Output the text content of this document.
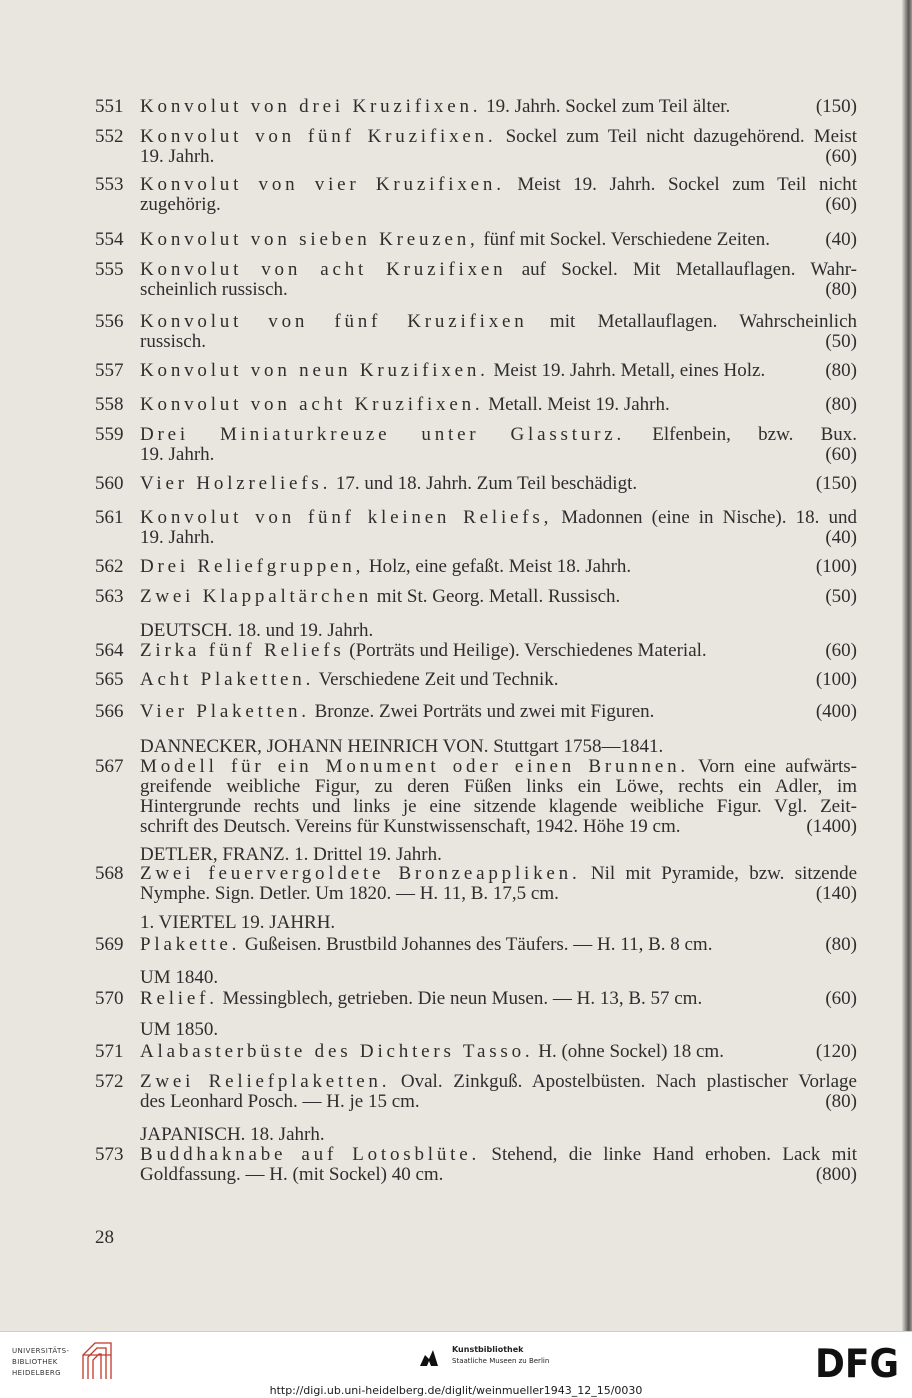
28
551 Konvolut von drei Kruzifixen. 19. Jahrh. Sockel zum Teil älter.	(150)
552 Konvolut von fünf Kruzifixen. Sockel zum Teil nicht dazugehörend. Meist
19. Jahrh.	(60)
553 Konvolut von vier Kruzifixen. Meist 19. Jahrh. Sockel zum Teil nicht
zugehörig.	(60)
554 Konvolut von sieben Kreuzen, fünf mit Sockel. Verschiedene Zeiten.	(40)
555 Konvolut von acht Kruzifixen auf Sockel. Mit Metallauflagen. Wahr-
scheinlich russisch.	(80)
556 Konvolut von fünf Kruzifixen mit Metallauflagen. Wahrscheinlich
russisch.	(50)
557 Konvolut von neun Kruzifixen. Meist 19. Jahrh. Metall, eines Holz.	(80)
558 Konvolut von acht Kruzifixen. Metall. Meist 19. Jahrh.	(80)
559 Drei Miniaturkreuze unter Glassturz. Elfenbein, bzw. Bux.
19. Jahrh.	(60)
560 Vier Holzreliefs. 17. und 18. Jahrh. Zum Teil beschädigt.	(150)
561 Konvolut von fünf kleinen Reliefs, Madonnen (eine in Nische). 18. und
19. Jahrh.	(40)
562 Drei Reliefgruppen, Holz, eine gefaßt. Meist 18. Jahrh.	(100)
563 Zwei Klappaltärchen mit St. Georg. Metall. Russisch.	(50)
DEUTSCH. 18. und 19. Jahrh.
564 Zirka fünf Reliefs (Porträts und Heilige). Verschiedenes Material.	(60)
565 Acht Plaketten. Verschiedene Zeit und Technik.	(100)
566 Vier Plaketten. Bronze. Zwei Porträts und zwei mit Figuren.	(400)
DANNECKER, JOHANN HEINRICH VON. Stuttgart 1758—1841.
567 Modell für ein Monument oder einen Brunnen. Vorn eine aufwärts-
greifende weibliche Figur, zu deren Füßen links ein Löwe, rechts ein Adler, im
Hintergrunde rechts und links je eine sitzende klagende weibliche Figur. Vgl. Zeit-
schrift des Deutsch. Vereins für Kunstwissenschaft, 1942. Höhe 19 cm.	(1400)
DETLER, FRANZ. 1. Drittel 19. Jahrh.
568 Zwei feuervergoldete Bronzeappliken. Nil mit Pyramide, bzw. sitzende
Nymphe. Sign. Detler. Um 1820. — H. 11, B. 17,5 cm.	(140)
1. VIERTEL 19. JAHRH.
569 Plakette. Gußeisen. Brustbild Johannes des Täufers. — H. 11, B. 8 cm.	(80)
UM 1840.
570 Relief. Messingblech, getrieben. Die neun Musen. — H. 13, B. 57 cm.	(60)
UM 1850.
571 Alabasterbüste des Dichters Tasso. H. (ohne Sockel) 18 cm.	(120)
572 Zwei Reliefplaketten. Oval. Zinkguß. Apostelbüsten. Nach plastischer Vorlage
des Leonhard Posch. — H. je 15 cm.	(80)
JAPANISCH. 18. Jahrh.
573 Buddhaknabe auf Lotosblüte. Stehend, die linke Hand erhoben. Lack mit
Goldfassung. — H. (mit Sockel) 40 cm.	(800)
UNIVERSITÄTS-
BIBLIOTHEK
HEIDELBERG
Kunstbibliothek
Staatliche Museen zu Berlin	DFG
http://digi.ub.uni-heidelberg.de/diglit/weinmueller1943_12_15/0030
